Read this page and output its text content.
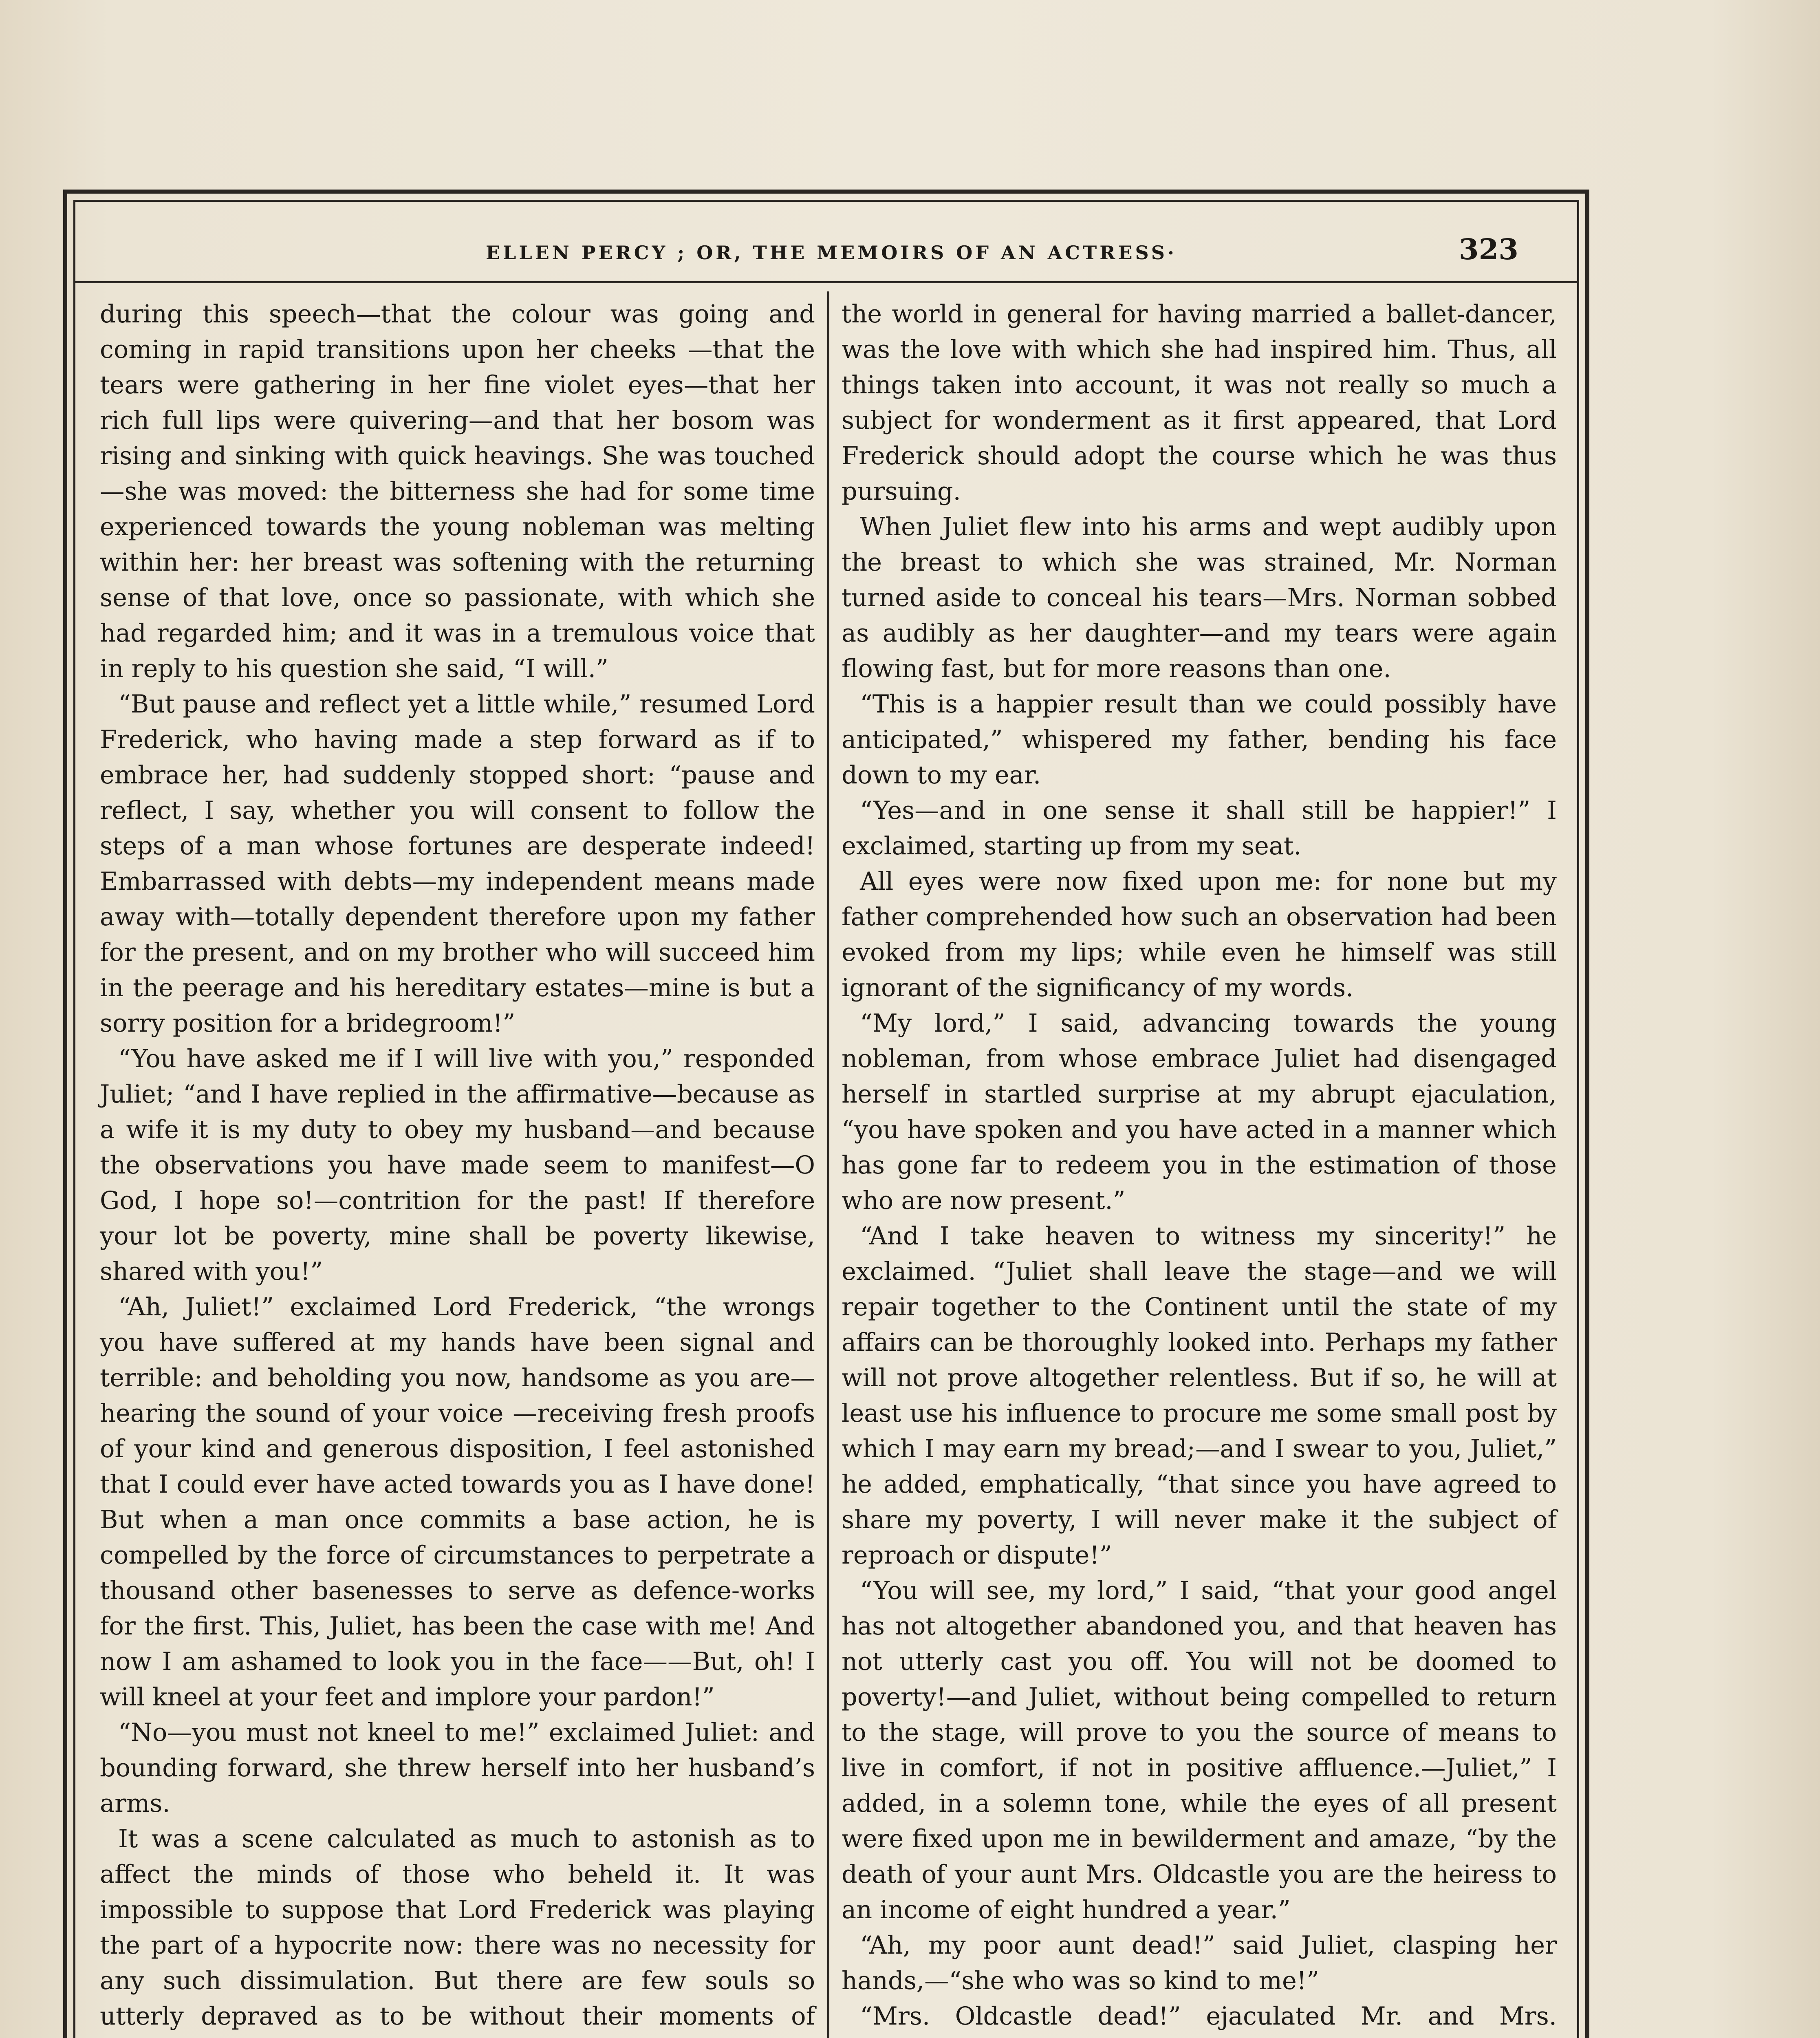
ELLEN PERCY ; OR, THE MEMOIRS OF AN ACTRESS·	323

during this speech—that the colour was going and coming in rapid transitions upon her cheeks —that the tears were gathering in her fine violet eyes—that her rich full lips were quivering—and that her bosom was rising and sinking with quick heavings. She was touched—she was moved: the bitterness she had for some time experienced towards the young nobleman was melting within her: her breast was softening with the returning sense of that love, once so passionate, with which she had regarded him; and it was in a tremulous voice that in reply to his question she said, “I will.”

“But pause and reflect yet a little while,” resumed Lord Frederick, who having made a step forward as if to embrace her, had suddenly stopped short: “pause and reflect, I say, whether you will consent to follow the steps of a man whose fortunes are desperate indeed! Embarrassed with debts—my independent means made away with—totally dependent therefore upon my father for the present, and on my brother who will succeed him in the peerage and his hereditary estates—mine is but a sorry position for a bridegroom!”

“You have asked me if I will live with you,” responded Juliet; “and I have replied in the affirmative—because as a wife it is my duty to obey my husband—and because the observations you have made seem to manifest—O God, I hope so!—contrition for the past! If therefore your lot be poverty, mine shall be poverty likewise, shared with you!”

“Ah, Juliet!” exclaimed Lord Frederick, “the wrongs you have suffered at my hands have been signal and terrible: and beholding you now, handsome as you are—hearing the sound of your voice —receiving fresh proofs of your kind and generous disposition, I feel astonished that I could ever have acted towards you as I have done! But when a man once commits a base action, he is compelled by the force of circumstances to perpetrate a thousand other basenesses to serve as defence-works for the first. This, Juliet, has been the case with me! And now I am ashamed to look you in the face——But, oh! I will kneel at your feet and implore your pardon!”

“No—you must not kneel to me!” exclaimed Juliet: and bounding forward, she threw herself into her husband’s arms.

It was a scene calculated as much to astonish as to affect the minds of those who beheld it. It was impossible to suppose that Lord Frederick was playing the part of a hypocrite now: there was no necessity for any such dissimulation. But there are few souls so utterly depraved as to be without their moments of

the world in general for having married a ballet-dancer, was the love with which she had inspired him. Thus, all things taken into account, it was not really so much a subject for wonderment as it first appeared, that Lord Frederick should adopt the course which he was thus pursuing.

When Juliet flew into his arms and wept audibly upon the breast to which she was strained, Mr. Norman turned aside to conceal his tears—Mrs. Norman sobbed as audibly as her daughter—and my tears were again flowing fast, but for more reasons than one.

“This is a happier result than we could possibly have anticipated,” whispered my father, bending his face down to my ear.

“Yes—and in one sense it shall still be happier!” I exclaimed, starting up from my seat.

All eyes were now fixed upon me: for none but my father comprehended how such an observation had been evoked from my lips; while even he himself was still ignorant of the significancy of my words.

“My lord,” I said, advancing towards the young nobleman, from whose embrace Juliet had disengaged herself in startled surprise at my abrupt ejaculation, “you have spoken and you have acted in a manner which has gone far to redeem you in the estimation of those who are now present.”

“And I take heaven to witness my sincerity!” he exclaimed. “Juliet shall leave the stage—and we will repair together to the Continent until the state of my affairs can be thoroughly looked into. Perhaps my father will not prove altogether relentless. But if so, he will at least use his influence to procure me some small post by which I may earn my bread;—and I swear to you, Juliet,” he added, emphatically, “that since you have agreed to share my poverty, I will never make it the subject of reproach or dispute!”

“You will see, my lord,” I said, “that your good angel has not altogether abandoned you, and that heaven has not utterly cast you off. You will not be doomed to poverty!—and Juliet, without being compelled to return to the stage, will prove to you the source of means to live in comfort, if not in positive affluence.—Juliet,” I added, in a solemn tone, while the eyes of all present were fixed upon me in bewilderment and amaze, “by the death of your aunt Mrs. Oldcastle you are the heiress to an income of eight hundred a year.”

“Ah, my poor aunt dead!” said Juliet, clasping her hands,—“she who was so kind to me!”

“Mrs. Oldcastle dead!” ejaculated Mr. and Mrs.
